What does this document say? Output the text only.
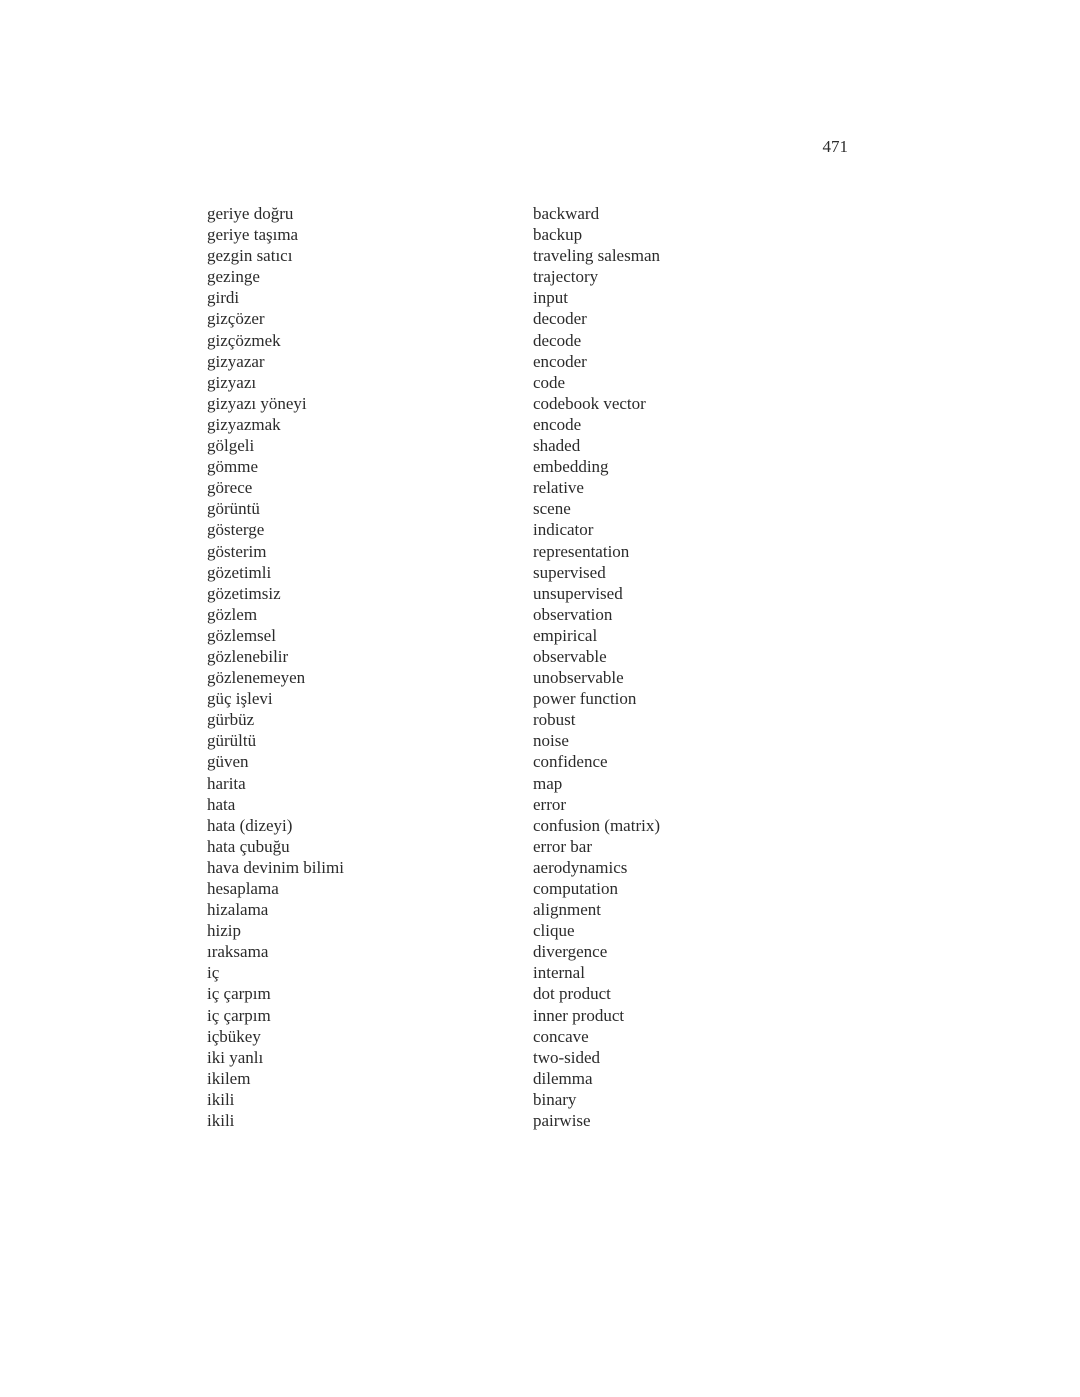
471
geriye doğru	backward
geriye taşıma	backup
gezgin satıcı	traveling salesman
gezinge	trajectory
girdi	input
gizçözer	decoder
gizçözmek	decode
gizyazar	encoder
gizyazı	code
gizyazı yöneyi	codebook vector
gizyazmak	encode
gölgeli	shaded
gömme	embedding
görece	relative
görüntü	scene
gösterge	indicator
gösterim	representation
gözetimli	supervised
gözetimsiz	unsupervised
gözlem	observation
gözlemsel	empirical
gözlenebilir	observable
gözlenemeyen	unobservable
güç işlevi	power function
gürbüz	robust
gürültü	noise
güven	confidence
harita	map
hata	error
hata (dizeyi)	confusion (matrix)
hata çubuğu	error bar
hava devinim bilimi	aerodynamics
hesaplama	computation
hizalama	alignment
hizip	clique
ıraksama	divergence
iç	internal
iç çarpım	dot product
iç çarpım	inner product
içbükey	concave
iki yanlı	two-sided
ikilem	dilemma
ikili	binary
ikili	pairwise
